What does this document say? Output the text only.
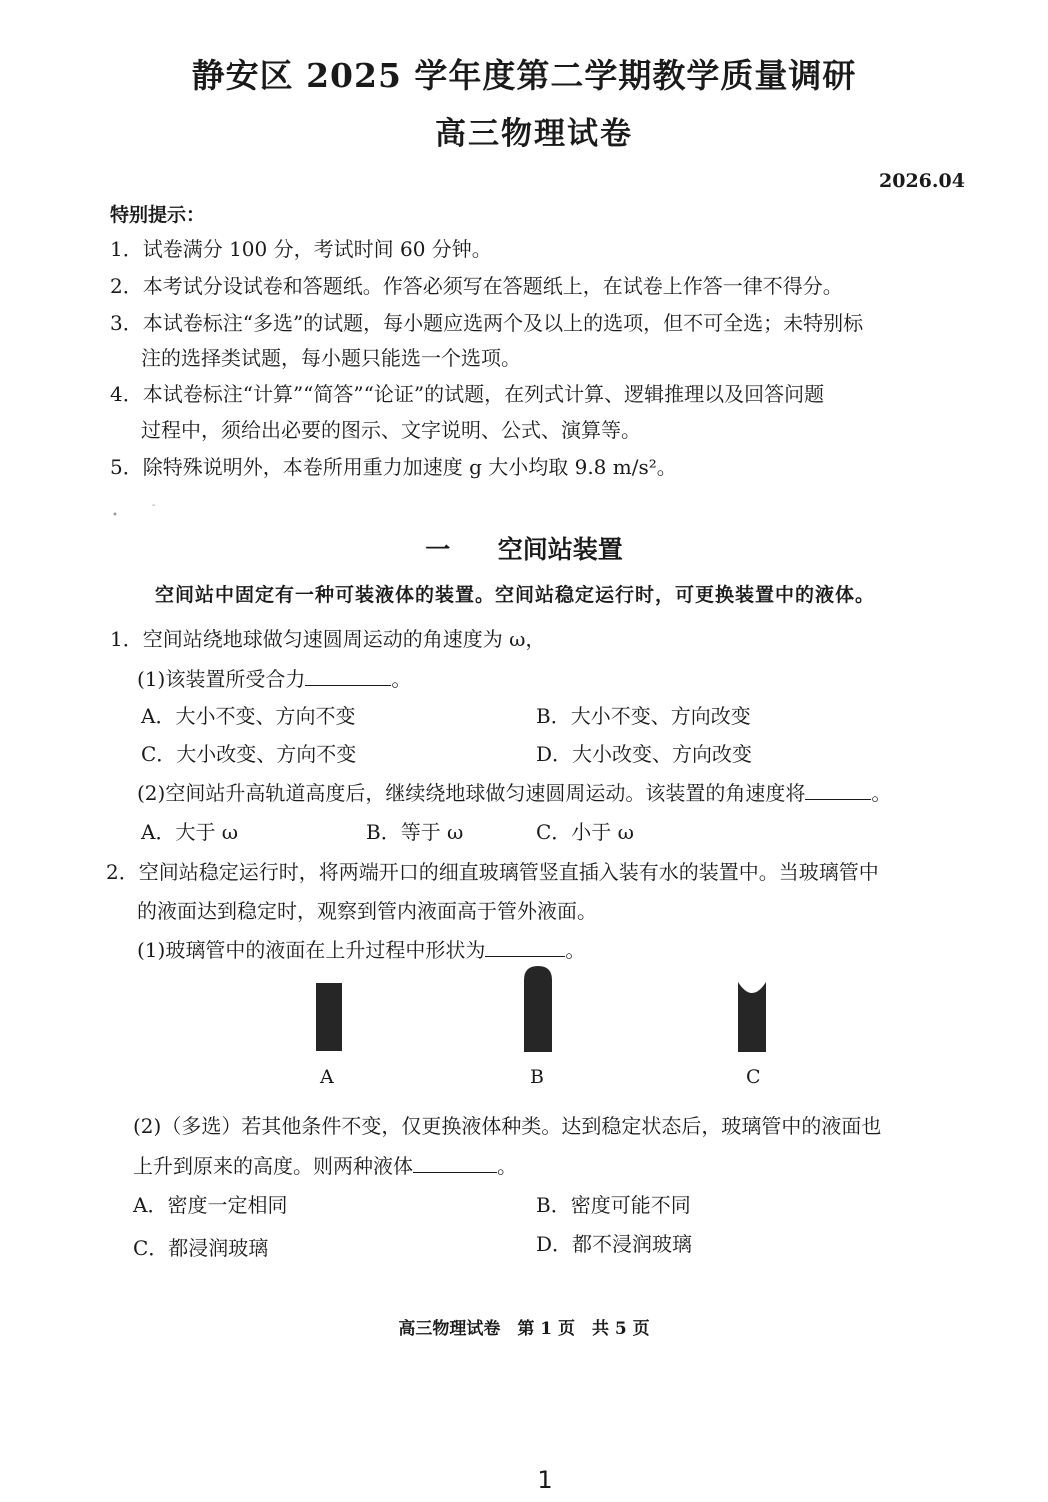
静安区 2025 学年度第二学期教学质量调研
高三物理试卷
2026.04
特别提示：
1．试卷满分 100 分，考试时间 60 分钟。
2．本考试分设试卷和答题纸。作答必须写在答题纸上，在试卷上作答一律不得分。
3．本试卷标注“多选”的试题，每小题应选两个及以上的选项，但不可全选；未特别标
注的选择类试题，每小题只能选一个选项。
4．本试卷标注“计算”“简答”“论证”的试题，在列式计算、逻辑推理以及回答问题
过程中，须给出必要的图示、文字说明、公式、演算等。
5．除特殊说明外，本卷所用重力加速度 g 大小均取 9.8 m/s²。
•
-
一 空间站装置
空间站中固定有一种可装液体的装置。空间站稳定运行时，可更换装置中的液体。
1．空间站绕地球做匀速圆周运动的角速度为 ω，
(1)该装置所受合力	。
A．大小不变、方向不变	B．大小不变、方向改变
C．大小改变、方向不变	D．大小改变、方向改变
(2)空间站升高轨道高度后，继续绕地球做匀速圆周运动。该装置的角速度将	。
A．大于 ω	B．等于 ω	C．小于 ω
2．空间站稳定运行时，将两端开口的细直玻璃管竖直插入装有水的装置中。当玻璃管中
的液面达到稳定时，观察到管内液面高于管外液面。
(1)玻璃管中的液面在上升过程中形状为	。
A	B	C
(2)（多选）若其他条件不变，仅更换液体种类。达到稳定状态后，玻璃管中的液面也
上升到原来的高度。则两种液体	。
A．密度一定相同	B．密度可能不同
C．都浸润玻璃	D．都不浸润玻璃
高三物理试卷　第 1 页　共 5 页
1
